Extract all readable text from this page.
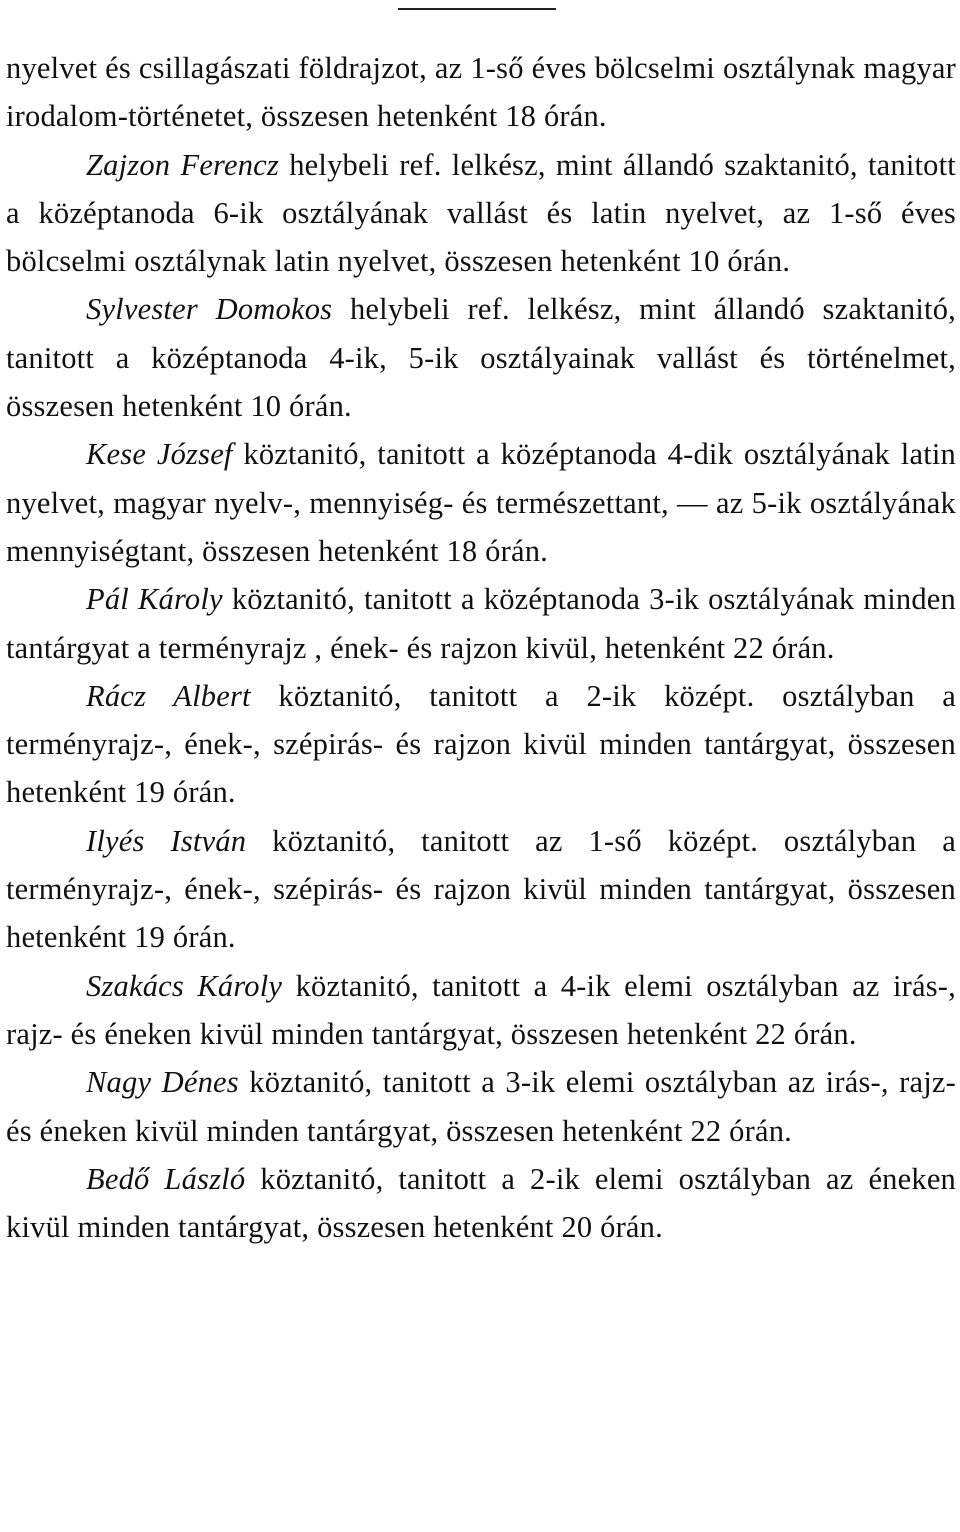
nyelvet és csillagászati földrajzot, az 1-ső éves bölcselmi osztálynak magyar irodalom-történetet, összesen hetenként 18 órán.

Zajzon Ferencz helybeli ref. lelkész, mint állandó szaktanitó, tanitott a középtanoda 6-ik osztályának vallást és latin nyelvet, az 1-ső éves bölcselmi osztálynak latin nyelvet, összesen hetenként 10 órán.

Sylvester Domokos helybeli ref. lelkész, mint állandó szaktanitó, tanitott a középtanoda 4-ik, 5-ik osztályainak vallást és történelmet, összesen hetenként 10 órán.

Kese József köztanitó, tanitott a középtanoda 4-dik osztályának latin nyelvet, magyar nyelv-, mennyiség- és természettant, — az 5-ik osztályának mennyiségtant, összesen hetenként 18 órán.

Pál Károly köztanitó, tanitott a középtanoda 3-ik osztályának minden tantárgyat a terményrajz , ének- és rajzon kivül, hetenként 22 órán.

Rácz Albert köztanitó, tanitott a 2-ik középt. osztályban a terményrajz-, ének-, szépirás- és rajzon kivül minden tantárgyat, összesen hetenként 19 órán.

Ilyés István köztanitó, tanitott az 1-ső középt. osztályban a terményrajz-, ének-, szépirás- és rajzon kivül minden tantárgyat, összesen hetenként 19 órán.

Szakács Károly köztanitó, tanitott a 4-ik elemi osztályban az irás-, rajz- és éneken kivül minden tantárgyat, összesen hetenként 22 órán.

Nagy Dénes köztanitó, tanitott a 3-ik elemi osztályban az irás-, rajz- és éneken kivül minden tantárgyat, összesen hetenként 22 órán.

Bedő László köztanitó, tanitott a 2-ik elemi osztályban az éneken kivül minden tantárgyat, összesen hetenként 20 órán.
